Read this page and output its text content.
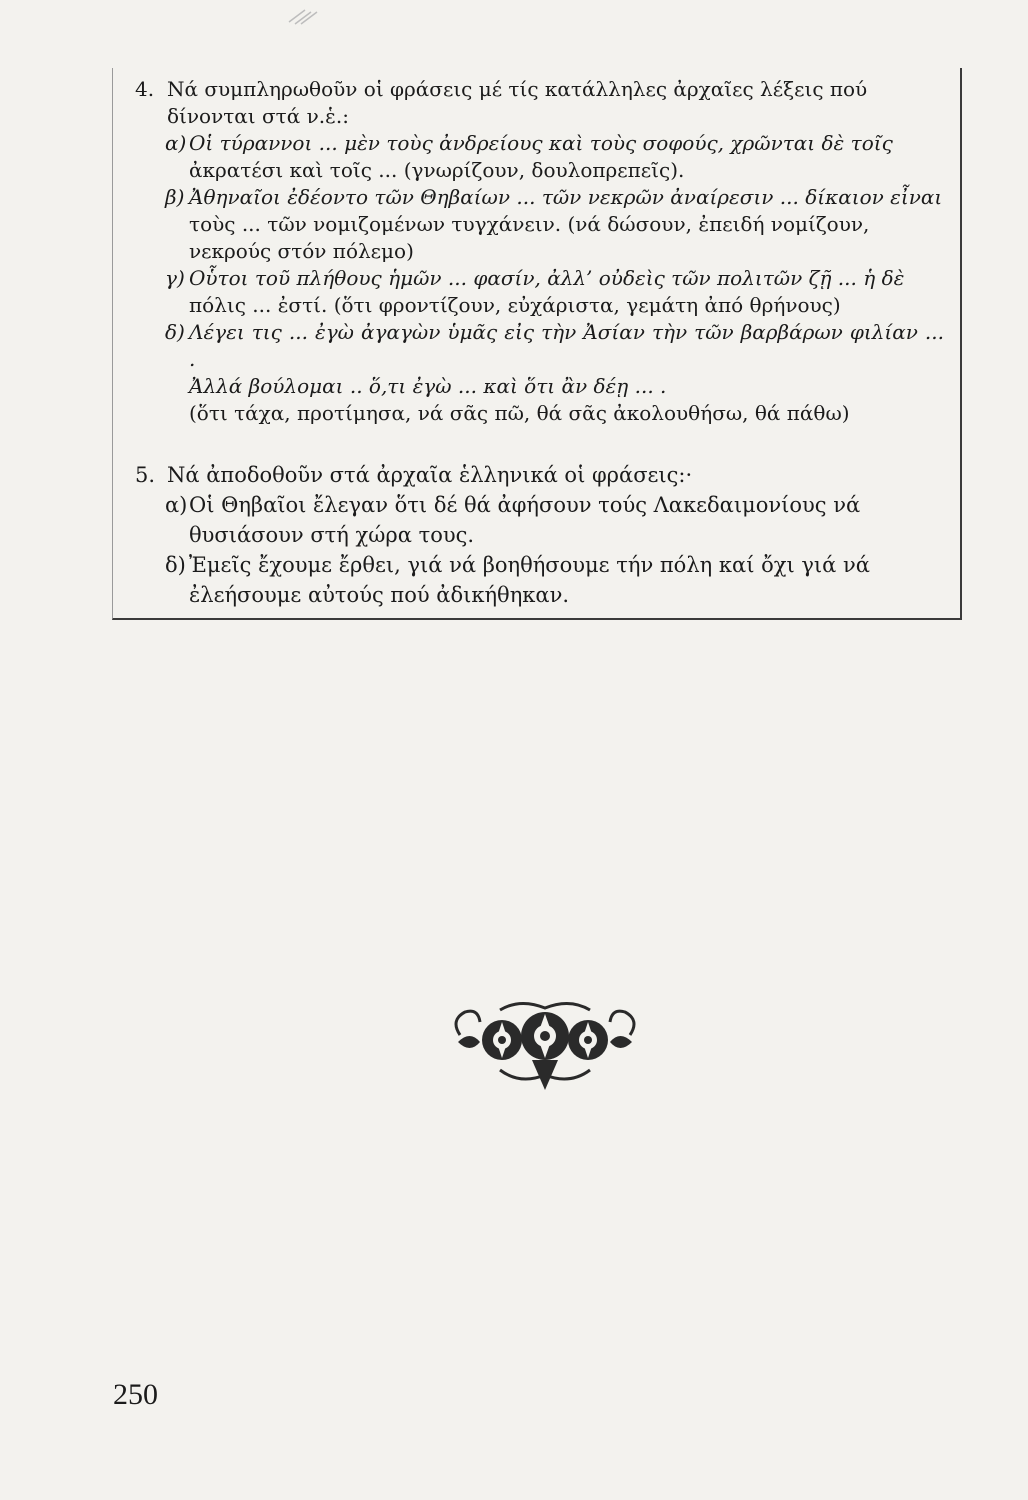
4. Νά συμπληρωθοῦν οἱ φράσεις μέ τίς κατάλληλες ἀρχαῖες λέξεις πού
δίνονται στά ν.ἑ.:
α) Οἱ τύραννοι ... μὲν τοὺς ἀνδρείους καὶ τοὺς σοφούς, χρῶνται δὲ τοῖς
ἀκρατέσι καὶ τοῖς ... (γνωρίζουν, δουλοπρεπεῖς).
β) Ἀθηναῖοι ἐδέοντο τῶν Θηβαίων ... τῶν νεκρῶν ἀναίρεσιν ... δίκαιον εἶναι
τοὺς ... τῶν νομιζομένων τυγχάνειν. (νά δώσουν, ἐπειδή νομίζουν,
νεκρούς στόν πόλεμο)
γ) Οὗτοι τοῦ πλήθους ἡμῶν ... φασίν, ἀλλ’ οὐδεὶς τῶν πολιτῶν ζῇ ... ἡ δὲ
πόλις ... ἐστί. (ὅτι φροντίζουν, εὐχάριστα, γεμάτη ἀπό θρήνους)
δ) Λέγει τις ... ἐγὼ ἀγαγὼν ὑμᾶς εἰς τὴν Ἀσίαν τὴν τῶν βαρβάρων φιλίαν ... .
Ἀλλά βούλομαι .. ὅ,τι ἐγὼ ... καὶ ὅτι ἂν δέῃ ... .
(ὅτι τάχα, προτίμησα, νά σᾶς πῶ, θά σᾶς ἀκολουθήσω, θά πάθω)
5. Νά ἀποδοθοῦν στά ἀρχαῖα ἑλληνικά οἱ φράσεις:·
α) Οἱ Θηβαῖοι ἔλεγαν ὅτι δέ θά ἀφήσουν τούς Λακεδαιμονίους νά
θυσιάσουν στή χώρα τους.
δ) Ἐμεῖς ἔχουμε ἔρθει, γιά νά βοηθήσουμε τήν πόλη καί ὄχι γιά νά
ἐλεήσουμε αὐτούς πού ἀδικήθηκαν.
250
